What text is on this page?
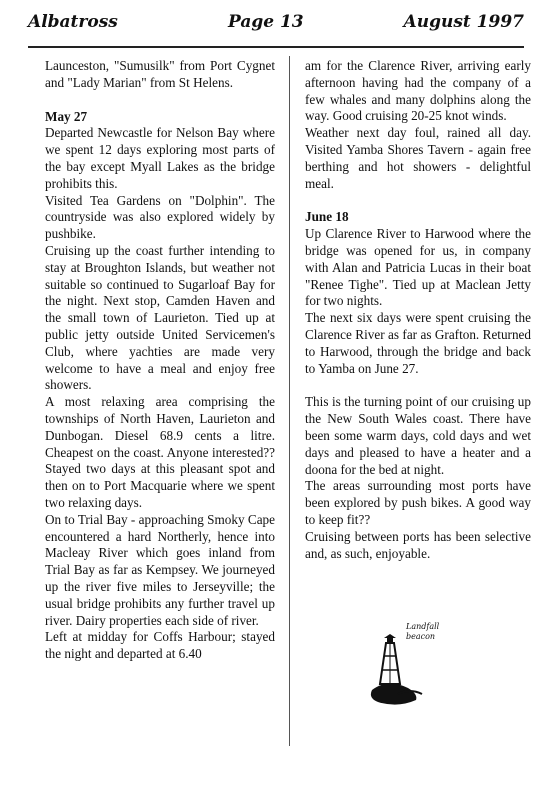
Albatross	Page 13	August 1997

Launceston, "Sumusilk" from Port Cygnet and "Lady Marian" from St Helens.

May 27

Departed Newcastle for Nelson Bay where we spent 12 days exploring most parts of the bay except Myall Lakes as the bridge prohibits this.

Visited Tea Gardens on "Dolphin". The countryside was also explored widely by pushbike.

Cruising up the coast further intending to stay at Broughton Islands, but weather not suitable so continued to Sugarloaf Bay for the night. Next stop, Camden Haven and the small town of Laurieton. Tied up at public jetty outside United Servicemen's Club, where yachties are made very welcome to have a meal and enjoy free showers.

A most relaxing area comprising the townships of North Haven, Laurieton and Dunbogan. Diesel 68.9 cents a litre. Cheapest on the coast. Anyone interested?? Stayed two days at this pleasant spot and then on to Port Macquarie where we spent two relaxing days.

On to Trial Bay - approaching Smoky Cape encountered a hard Northerly, hence into Macleay River which goes inland from Trial Bay as far as Kempsey. We journeyed up the river five miles to Jerseyville; the usual bridge prohibits any further travel up river. Dairy properties each side of river.

Left at midday for Coffs Harbour; stayed the night and departed at 6.40

am for the Clarence River, arriving early afternoon having had the company of a few whales and many dolphins along the way. Good cruising 20-25 knot winds.

Weather next day foul, rained all day. Visited Yamba Shores Tavern - again free berthing and hot showers - delightful meal.

June 18

Up Clarence River to Harwood where the bridge was opened for us, in company with Alan and Patricia Lucas in their boat "Renee Tighe". Tied up at Maclean Jetty for two nights.

The next six days were spent cruising the Clarence River as far as Grafton. Returned to Harwood, through the bridge and back to Yamba on June 27.

This is the turning point of our cruising up the New South Wales coast. There have been some warm days, cold days and wet days and pleased to have a heater and a doona for the bed at night.

The areas surrounding most ports have been explored by push bikes. A good way to keep fit??

Cruising between ports has been selective and, as such, enjoyable.

Landfall
beacon
